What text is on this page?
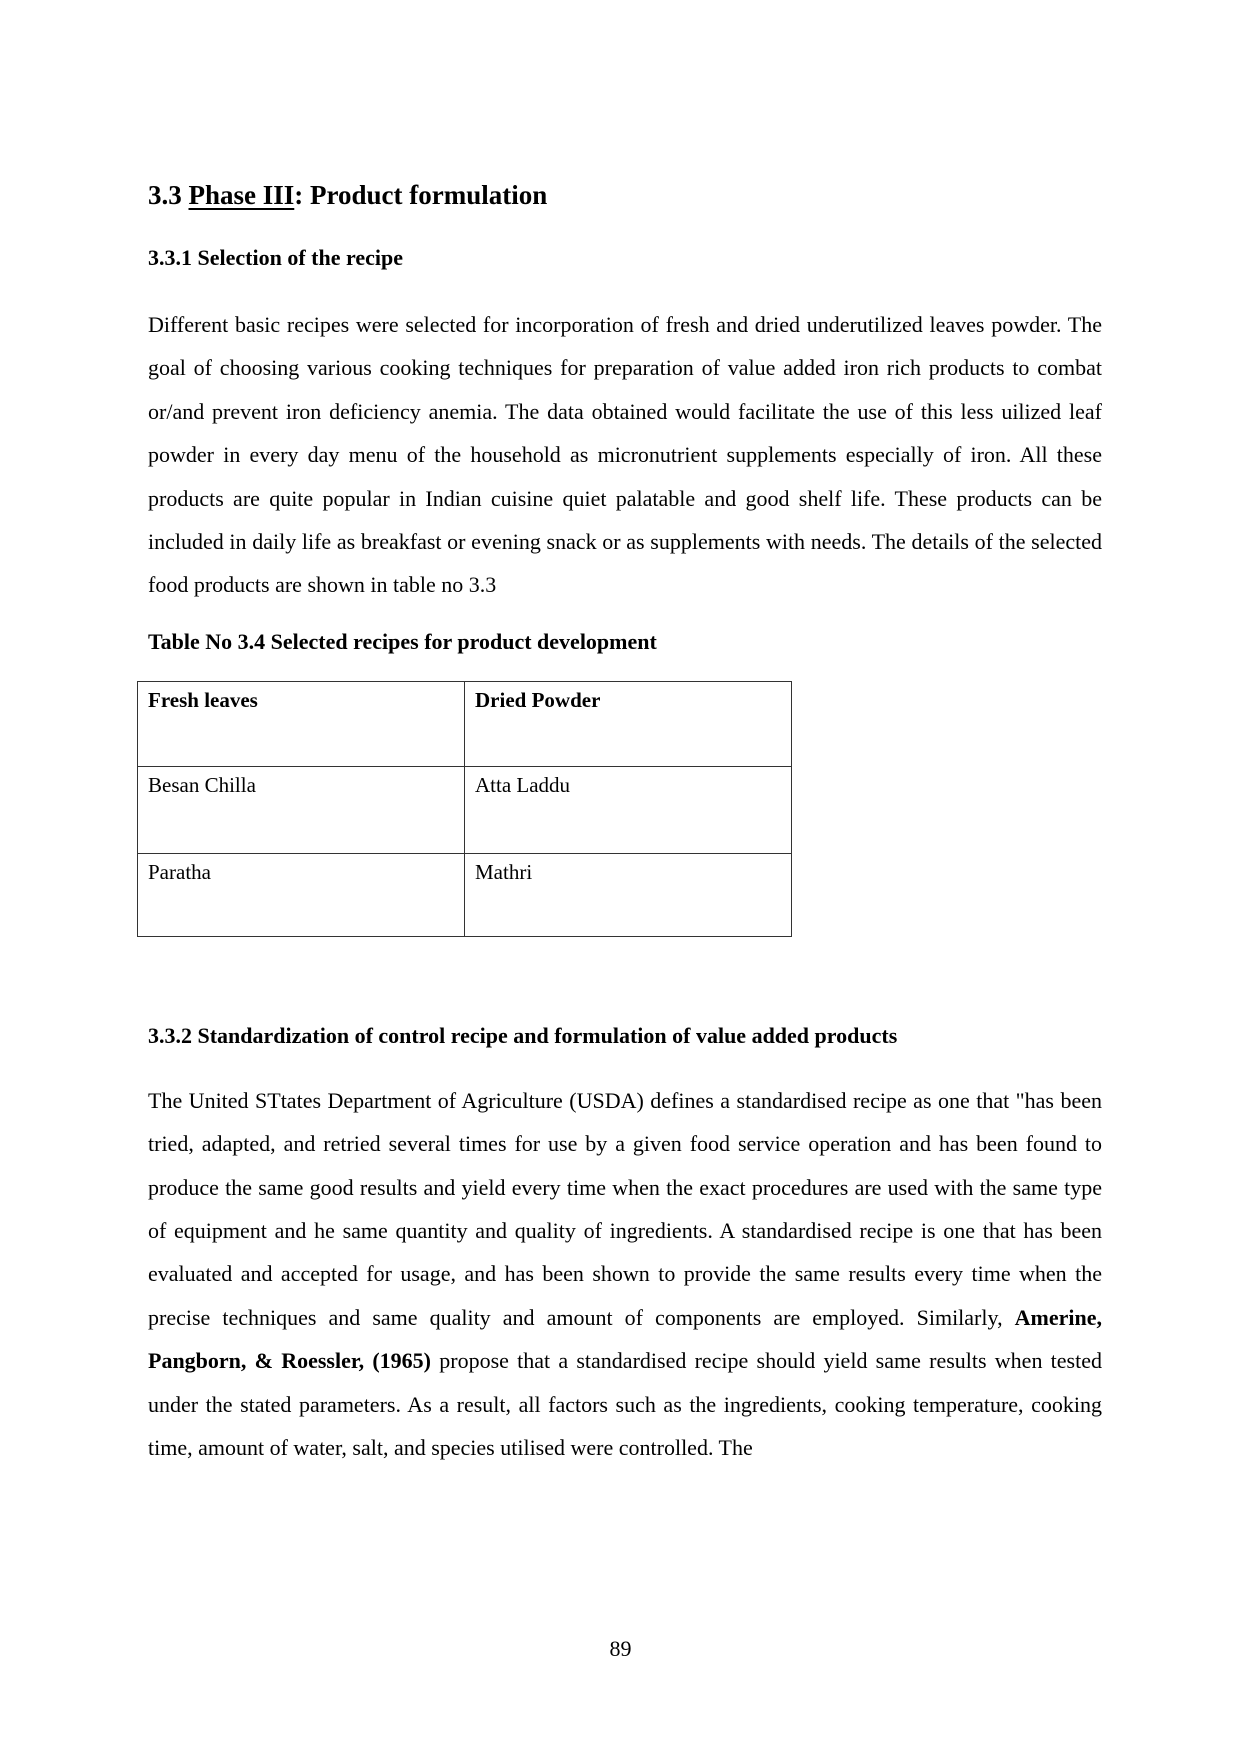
3.3 Phase III: Product formulation
3.3.1 Selection of the recipe

Different basic recipes were selected for incorporation of fresh and dried underutilized leaves powder. The goal of choosing various cooking techniques for preparation of value added iron rich products to combat or/and prevent iron deficiency anemia. The data obtained would facilitate the use of this less uilized leaf powder in every day menu of the household as micronutrient supplements especially of iron. All these products are quite popular in Indian cuisine quiet palatable and good shelf life. These products can be included in daily life as breakfast or evening snack or as supplements with needs. The details of the selected food products are shown in table no 3.3

Table No 3.4 Selected recipes for product development

Fresh leaves	Dried Powder
Besan Chilla	Atta Laddu
Paratha	Mathri
3.3.2 Standardization of control recipe and formulation of value added products

The United STtates Department of Agriculture (USDA) defines a standardised recipe as one that "has been tried, adapted, and retried several times for use by a given food service operation and has been found to produce the same good results and yield every time when the exact procedures are used with the same type of equipment and he same quantity and quality of ingredients. A standardised recipe is one that has been evaluated and accepted for usage, and has been shown to provide the same results every time when the precise techniques and same quality and amount of components are employed. Similarly, Amerine, Pangborn, & Roessler, (1965) propose that a standardised recipe should yield same results when tested under the stated parameters. As a result, all factors such as the ingredients, cooking temperature, cooking time, amount of water, salt, and species utilised were controlled. The

89
